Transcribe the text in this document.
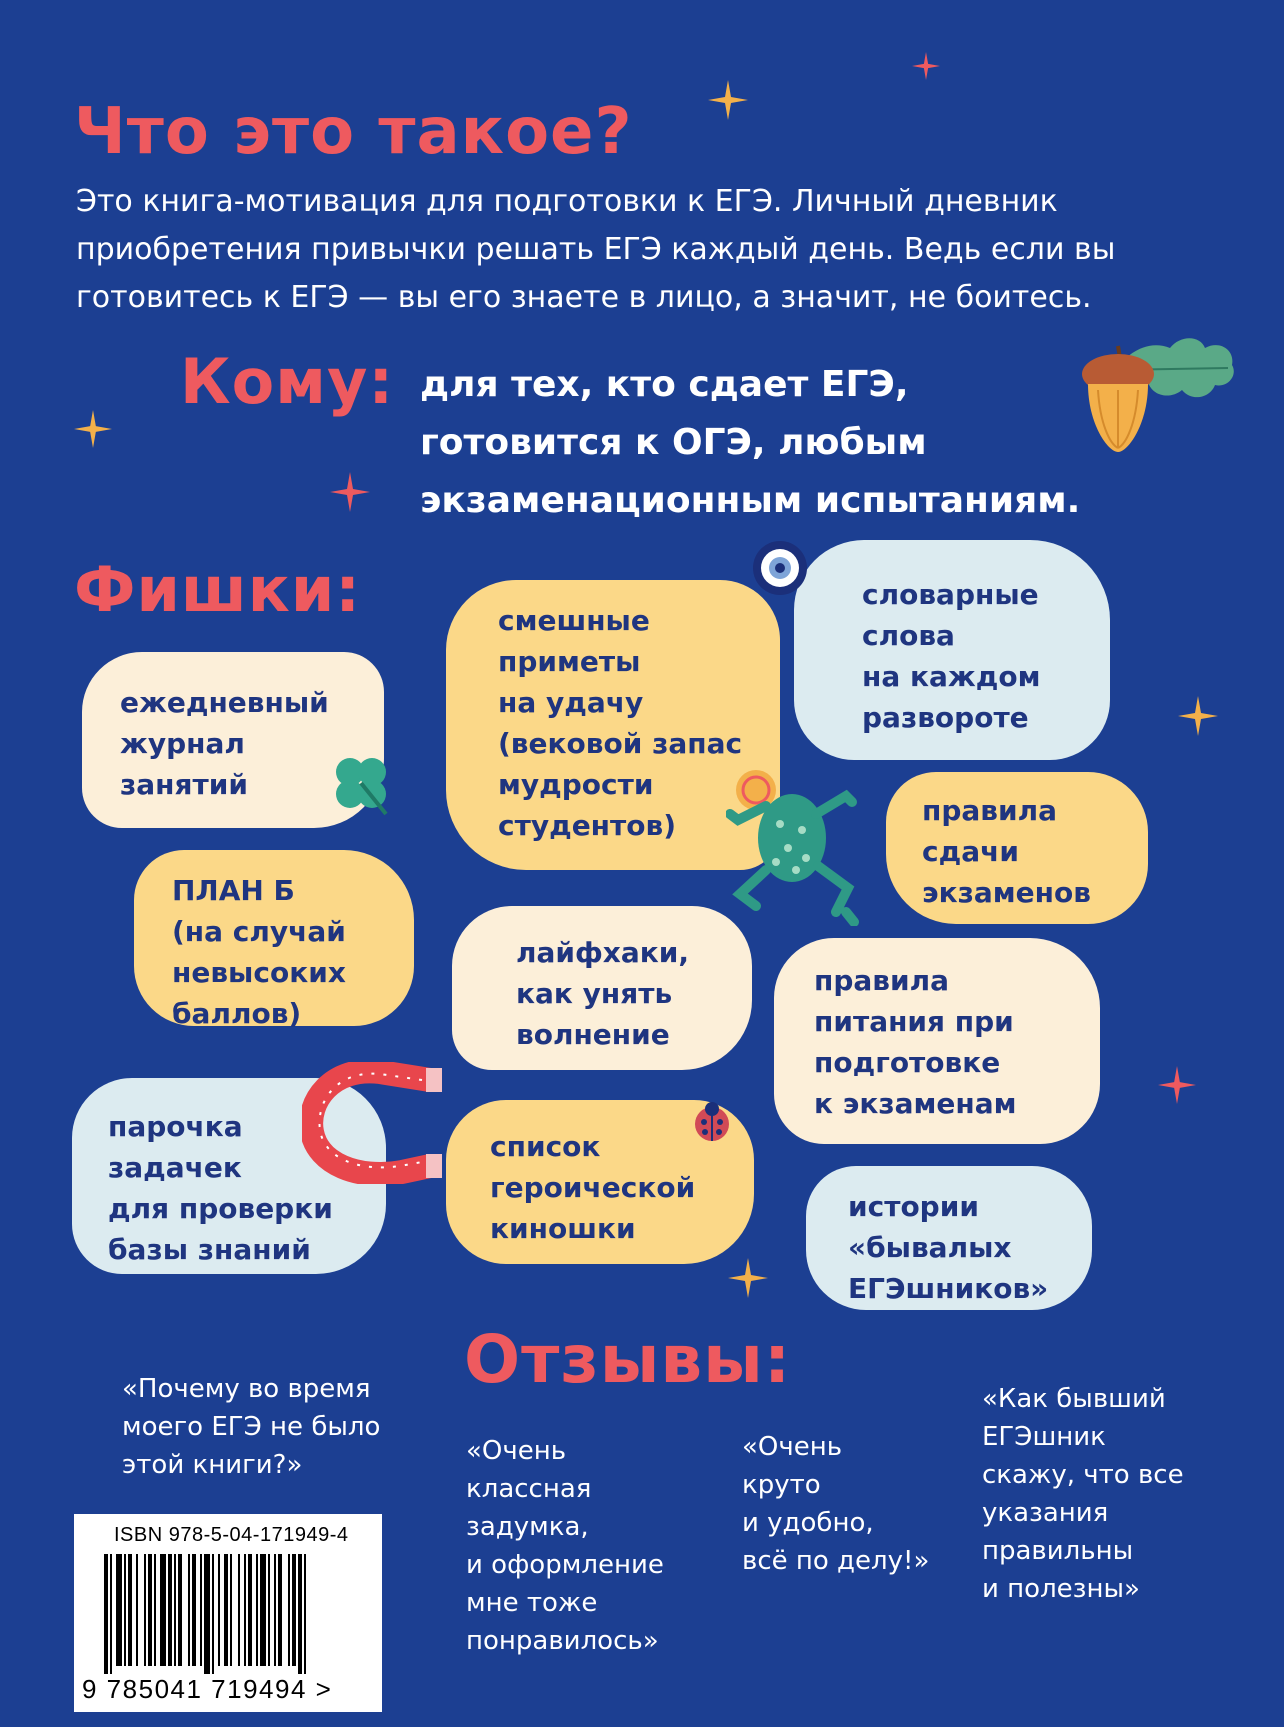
Что это такое?
Это книга-мотивация для подготовки к ЕГЭ. Личный дневник
приобретения привычки решать ЕГЭ каждый день. Ведь если вы
готовитесь к ЕГЭ — вы его знаете в лицо, а значит, не боитесь.
Кому: для тех, кто сдает ЕГЭ,
готовится к ОГЭ, любым
экзаменационным испытаниям.
Фишки:
ежедневный
журнал
занятий
смешные
приметы
на удачу
(вековой запас
мудрости
студентов)
словарные
слова
на каждом
развороте
правила
сдачи
экзаменов
ПЛАН Б
(на случай
невысоких
баллов)
лайфхаки,
как унять
волнение
правила
питания при
подготовке
к экзаменам
парочка
задачек
для проверки
базы знаний
список
героической
киношки
истории
«бывалых
ЕГЭшников»
Отзывы:
«Почему во время
моего ЕГЭ не было
этой книги?»	«Очень
классная
задумка,
и оформление
мне тоже
понравилось»
«Очень
круто
и удобно,
всё по делу!»
«Как бывший
ЕГЭшник
скажу, что все
указания
правильны
и полезны»
ISBN 978-5-04-171949-4
9 785041 719494 >
